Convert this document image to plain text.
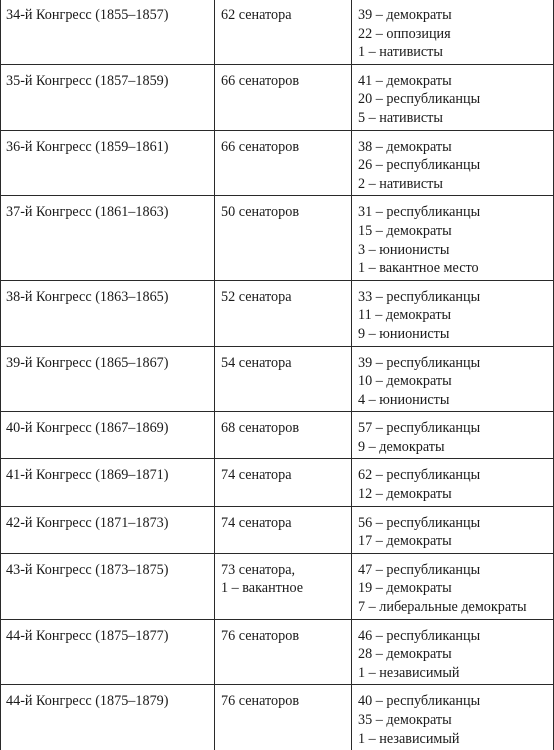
34-й Конгресс (1855–1857)	62 сенатора	39 – демократы
22 – оппозиция
1 – нативисты

35-й Конгресс (1857–1859)	66 сенаторов	41 – демократы
20 – республиканцы
5 – нативисты

36-й Конгресс (1859–1861)	66 сенаторов	38 – демократы
26 – республиканцы
2 – нативисты

37-й Конгресс (1861–1863)	50 сенаторов	31 – республиканцы
15 – демократы
3 – юнионисты
1 – вакантное место

38-й Конгресс (1863–1865)	52 сенатора	33 – республиканцы
11 – демократы
9 – юнионисты

39-й Конгресс (1865–1867)	54 сенатора	39 – республиканцы
10 – демократы
4 – юнионисты

40-й Конгресс (1867–1869)	68 сенаторов	57 – республиканцы
9 – демократы

41-й Конгресс (1869–1871)	74 сенатора	62 – республиканцы
12 – демократы

42-й Конгресс (1871–1873)	74 сенатора	56 – республиканцы
17 – демократы

43-й Конгресс (1873–1875)	73 сенатора,
1 – вакантное	47 – республиканцы
19 – демократы
7 – либеральные демократы

44-й Конгресс (1875–1877)	76 сенаторов	46 – республиканцы
28 – демократы
1 – независимый

44-й Конгресс (1875–1879)	76 сенаторов	40 – республиканцы
35 – демократы
1 – независимый
